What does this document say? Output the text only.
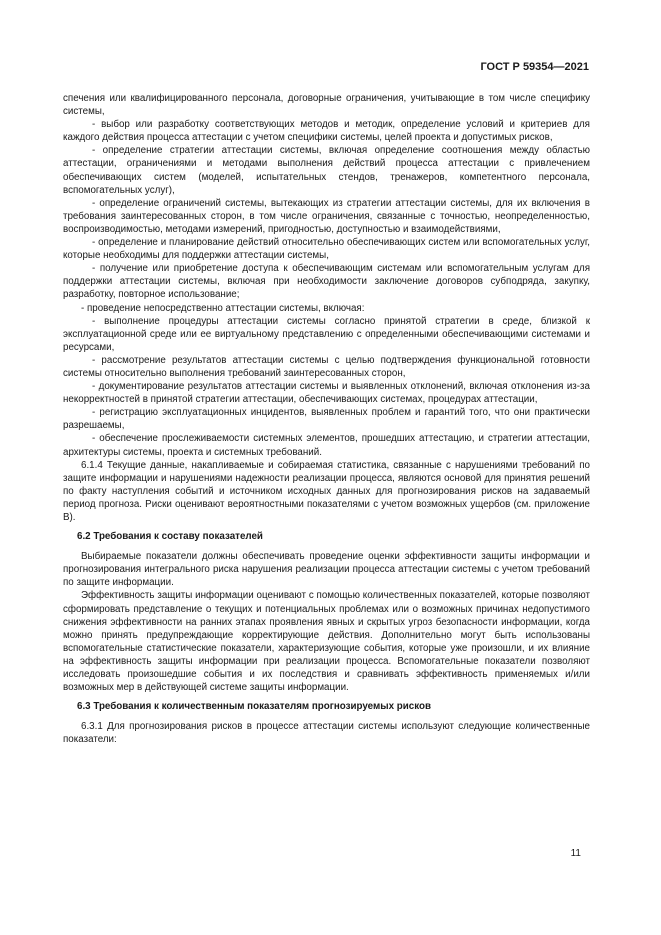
ГОСТ Р 59354—2021

спечения или квалифицированного персонала, договорные ограничения, учитывающие в том числе специфику системы,

- выбор или разработку соответствующих методов и методик, определение условий и критериев для каждого действия процесса аттестации с учетом специфики системы, целей проекта и допустимых рисков,

- определение стратегии аттестации системы, включая определение соотношения между областью аттестации, ограничениями и методами выполнения действий процесса аттестации с привлечением обеспечивающих систем (моделей, испытательных стендов, тренажеров, компетентного персонала, вспомогательных услуг),

- определение ограничений системы, вытекающих из стратегии аттестации системы, для их включения в требования заинтересованных сторон, в том числе ограничения, связанные с точностью, неопределенностью, воспроизводимостью, методами измерений, пригодностью, доступностью и взаимодействиями,

- определение и планирование действий относительно обеспечивающих систем или вспомогательных услуг, которые необходимы для поддержки аттестации системы,

- получение или приобретение доступа к обеспечивающим системам или вспомогательным услугам для поддержки аттестации системы, включая при необходимости заключение договоров субподряда, закупку, разработку, повторное использование;

- проведение непосредственно аттестации системы, включая:

- выполнение процедуры аттестации системы согласно принятой стратегии в среде, близкой к эксплуатационной среде или ее виртуальному представлению с определенными обеспечивающими системами и ресурсами,

- рассмотрение результатов аттестации системы с целью подтверждения функциональной готовности системы относительно выполнения требований заинтересованных сторон,

- документирование результатов аттестации системы и выявленных отклонений, включая отклонения из-за некорректностей в принятой стратегии аттестации, обеспечивающих системах, процедурах аттестации,

- регистрацию эксплуатационных инцидентов, выявленных проблем и гарантий того, что они практически разрешаемы,

- обеспечение прослеживаемости системных элементов, прошедших аттестацию, и стратегии аттестации, архитектуры системы, проекта и системных требований.

6.1.4 Текущие данные, накапливаемые и собираемая статистика, связанные с нарушениями требований по защите информации и нарушениями надежности реализации процесса, являются основой для принятия решений по факту наступления событий и источником исходных данных для прогнозирования рисков на задаваемый период прогноза. Риски оценивают вероятностными показателями с учетом возможных ущербов (см. приложение В).

6.2 Требования к составу показателей

Выбираемые показатели должны обеспечивать проведение оценки эффективности защиты информации и прогнозирования интегрального риска нарушения реализации процесса аттестации системы с учетом требований по защите информации.

Эффективность защиты информации оценивают с помощью количественных показателей, которые позволяют сформировать представление о текущих и потенциальных проблемах или о возможных причинах недопустимого снижения эффективности на ранних этапах проявления явных и скрытых угроз безопасности информации, когда можно принять предупреждающие корректирующие действия. Дополнительно могут быть использованы вспомогательные статистические показатели, характеризующие события, которые уже произошли, и их влияние на эффективность защиты информации при реализации процесса. Вспомогательные показатели позволяют исследовать произошедшие события и их последствия и сравнивать эффективность применяемых и/или возможных мер в действующей системе защиты информации.

6.3 Требования к количественным показателям прогнозируемых рисков

6.3.1 Для прогнозирования рисков в процессе аттестации системы используют следующие количественные показатели:

11
